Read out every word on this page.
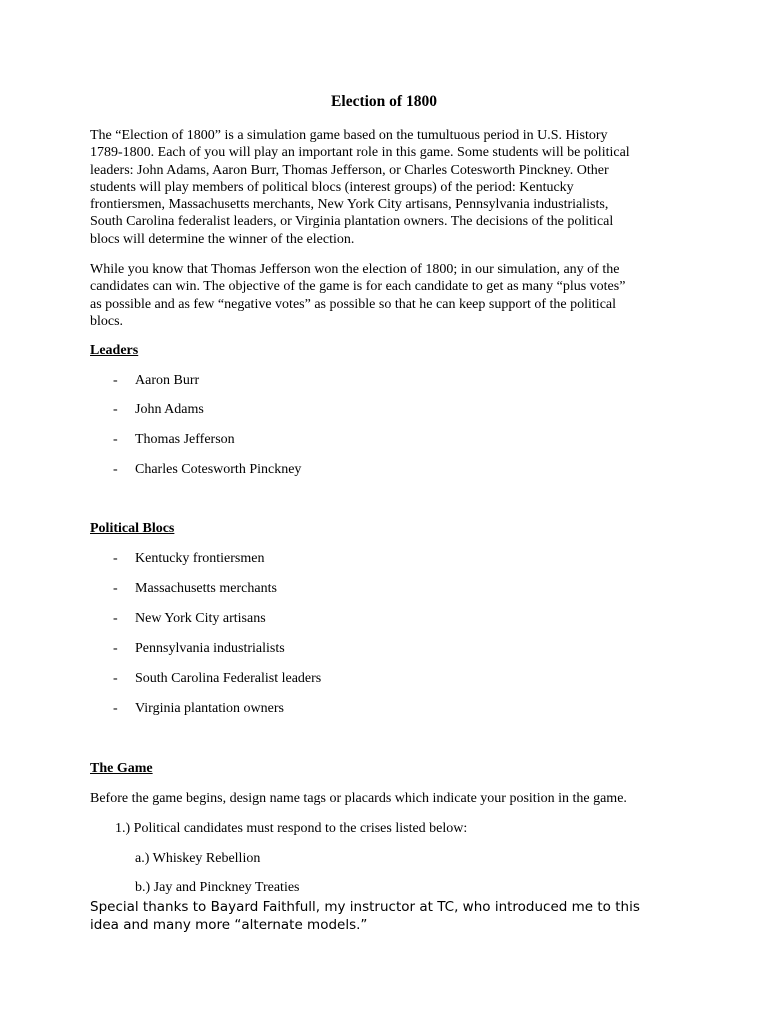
Election of 1800
The “Election of 1800” is a simulation game based on the tumultuous period in U.S. History
1789-1800. Each of you will play an important role in this game. Some students will be political
leaders: John Adams, Aaron Burr, Thomas Jefferson, or Charles Cotesworth Pinckney. Other
students will play members of political blocs (interest groups) of the period: Kentucky
frontiersmen, Massachusetts merchants, New York City artisans, Pennsylvania industrialists,
South Carolina federalist leaders, or Virginia plantation owners. The decisions of the political
blocs will determine the winner of the election.
While you know that Thomas Jefferson won the election of 1800; in our simulation, any of the
candidates can win. The objective of the game is for each candidate to get as many “plus votes”
as possible and as few “negative votes” as possible so that he can keep support of the political
blocs.
Leaders
- Aaron Burr
- John Adams
- Thomas Jefferson
- Charles Cotesworth Pinckney
Political Blocs
- Kentucky frontiersmen
- Massachusetts merchants
- New York City artisans
- Pennsylvania industrialists
- South Carolina Federalist leaders
- Virginia plantation owners
The Game
Before the game begins, design name tags or placards which indicate your position in the game.
1.) Political candidates must respond to the crises listed below:
a.) Whiskey Rebellion
b.) Jay and Pinckney Treaties
Special thanks to Bayard Faithfull, my instructor at TC, who introduced me to this
idea and many more “alternate models.”
